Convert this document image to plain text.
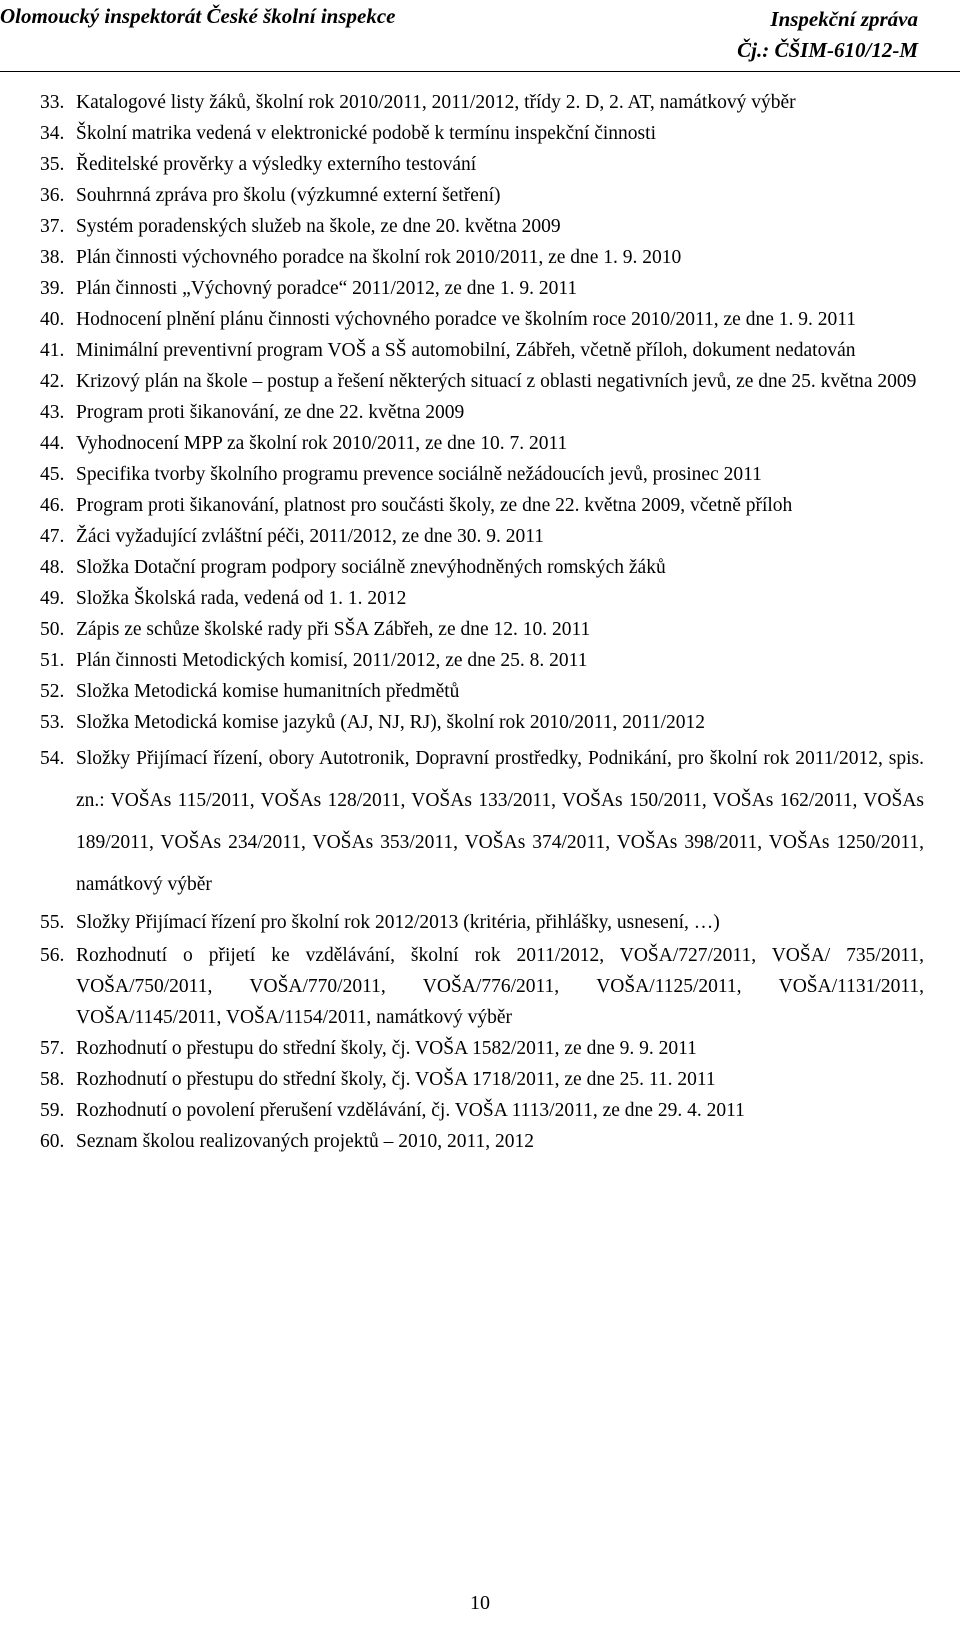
Olomoucký inspektorát České školní inspekce	Inspekční zpráva
Čj.: ČŠIM-610/12-M
33. Katalogové listy žáků, školní rok 2010/2011, 2011/2012, třídy 2. D, 2. AT, namátkový výběr
34. Školní matrika vedená v elektronické podobě k termínu inspekční činnosti
35. Ředitelské prověrky a výsledky externího testování
36. Souhrnná zpráva pro školu (výzkumné externí šetření)
37. Systém poradenských služeb na škole, ze dne 20. května 2009
38. Plán činnosti výchovného poradce na školní rok 2010/2011, ze dne 1. 9. 2010
39. Plán činnosti „Výchovný poradce“ 2011/2012, ze dne 1. 9. 2011
40. Hodnocení plnění plánu činnosti výchovného poradce ve školním roce 2010/2011, ze dne 1. 9. 2011
41. Minimální preventivní program VOŠ a SŠ automobilní, Zábřeh, včetně příloh, dokument nedatován
42. Krizový plán na škole – postup a řešení některých situací z oblasti negativních jevů, ze dne 25. května 2009
43. Program proti šikanování, ze dne 22. května 2009
44. Vyhodnocení MPP za školní rok 2010/2011, ze dne 10. 7. 2011
45. Specifika tvorby školního programu prevence sociálně nežádoucích jevů, prosinec 2011
46. Program proti šikanování, platnost pro součásti školy, ze dne 22. května 2009, včetně příloh
47. Žáci vyžadující zvláštní péči, 2011/2012, ze dne 30. 9. 2011
48. Složka Dotační program podpory sociálně znevýhodněných romských žáků
49. Složka Školská rada, vedená od 1. 1. 2012
50. Zápis ze schůze školské rady při SŠA Zábřeh, ze dne 12. 10. 2011
51. Plán činnosti Metodických komisí, 2011/2012, ze dne 25. 8. 2011
52. Složka Metodická komise humanitních předmětů
53. Složka Metodická komise jazyků (AJ, NJ, RJ), školní rok 2010/2011, 2011/2012
54. Složky Přijímací řízení, obory Autotronik, Dopravní prostředky, Podnikání, pro školní rok 2011/2012, spis. zn.: VOŠAs 115/2011, VOŠAs 128/2011, VOŠAs 133/2011, VOŠAs 150/2011, VOŠAs 162/2011, VOŠAs 189/2011, VOŠAs 234/2011, VOŠAs 353/2011, VOŠAs 374/2011, VOŠAs 398/2011, VOŠAs 1250/2011, namátkový výběr
55. Složky Přijímací řízení pro školní rok 2012/2013 (kritéria, přihlášky, usnesení, …)
56. Rozhodnutí o přijetí ke vzdělávání, školní rok 2011/2012, VOŠA/727/2011, VOŠA/ 735/2011, VOŠA/750/2011, VOŠA/770/2011, VOŠA/776/2011, VOŠA/1125/2011, VOŠA/1131/2011, VOŠA/1145/2011, VOŠA/1154/2011, namátkový výběr
57. Rozhodnutí o přestupu do střední školy, čj. VOŠA 1582/2011, ze dne 9. 9. 2011
58. Rozhodnutí o přestupu do střední školy, čj. VOŠA 1718/2011, ze dne 25. 11. 2011
59. Rozhodnutí o povolení přerušení vzdělávání, čj. VOŠA 1113/2011, ze dne 29. 4. 2011
60. Seznam školou realizovaných projektů – 2010, 2011, 2012
10
